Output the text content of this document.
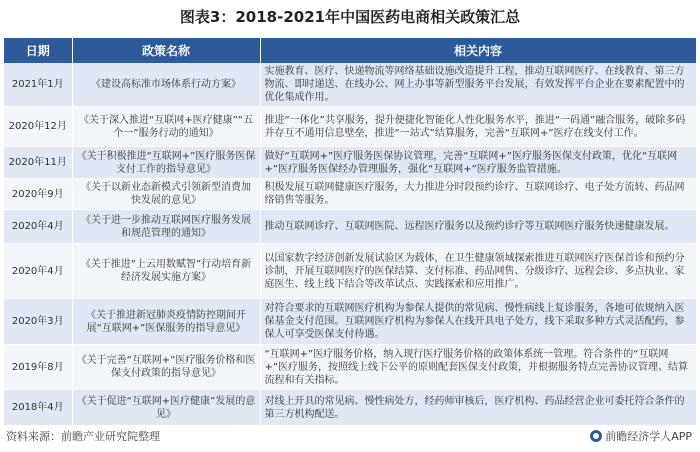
图表3：2018-2021年中国医药电商相关政策汇总
日期	政策名称	相关内容
2021年1月	《建设高标准市场体系行动方案》	实施教育、医疗、快递物流等网络基础设施改造提升工程，推动互联网医疗、在线教育、第三方物流、即时递送、在线办公、网上办事等新型服务平台发展，有效发挥平台企业在要素配置中的优化集成作用。
2020年12月	《关于深入推进“互联网+医疗健康”“五个一”服务行动的通知》	推进“一体化”共享服务，提升便捷化智能化人性化服务水平，推进“一码通”融合服务，破除多码并存互不通用信息壁垒，推进“一站式”结算服务，完善“互联网+”医疗在线支付工作。
2020年11月	《关于积极推进“互联网+”医疗服务医保支付工作的指导意见》	做好“互联网+”医疗服务医保协议管理，完善“互联网+”医疗服务医保支付政策，优化“互联网+”医疗服务医保经办管理服务，强化“互联网+”医疗服务监管措施。
2020年9月	《关于以新业态新模式引领新型消费加快发展的意见》	积极发展互联网健康医疗服务，大力推进分时段预约诊疗、互联网诊疗、电子处方流转、药品网络销售等服务。
2020年4月	《关于进一步推动互联网医疗服务发展和规范管理的通知》	推动互联网诊疗、互联网医院、远程医疗服务以及预约诊疗等互联网医疗服务快速健康发展。
2020年4月	《关于推进“上云用数赋智”行动培育新经济发展实施方案》	以国家数字经济创新发展试验区为载体，在卫生健康领域探索推进互联网医疗医保首诊和预约分诊制，开展互联网医疗的医保结算、支付标准、药品网售、分级诊疗、远程会诊、多点执业、家庭医生、线上线下结合等改革试点、实践探索和应用推广。
2020年3月	《关于推进新冠肺炎疫情防控期间开展“互联网+”医保服务的指导意见》	对符合要求的互联网医疗机构为参保人提供的常见病、慢性病线上复诊服务，各地可依规纳入医保基金支付范围。互联网医疗机构为参保人在线开具电子处方，线下采取多种方式灵活配药，参保人可享受医保支付待遇。
2019年8月	《关于完善“互联网+”医疗服务价格和医保支付政策的指导意见》	“互联网+”医疗服务价格，纳入现行医疗服务价格的政策体系统一管理。符合条件的“互联网+”医疗服务，按照线上线下公平的原则配套医保支付政策，并根据服务特点完善协议管理、结算流程和有关指标。
2018年4月	《关于促进“互联网+医疗健康”发展的意见》	对线上开具的常见病、慢性病处方，经药师审核后，医疗机构、药品经营企业可委托符合条件的第三方机构配送。
资料来源：前瞻产业研究院整理	前瞻经济学人APP
